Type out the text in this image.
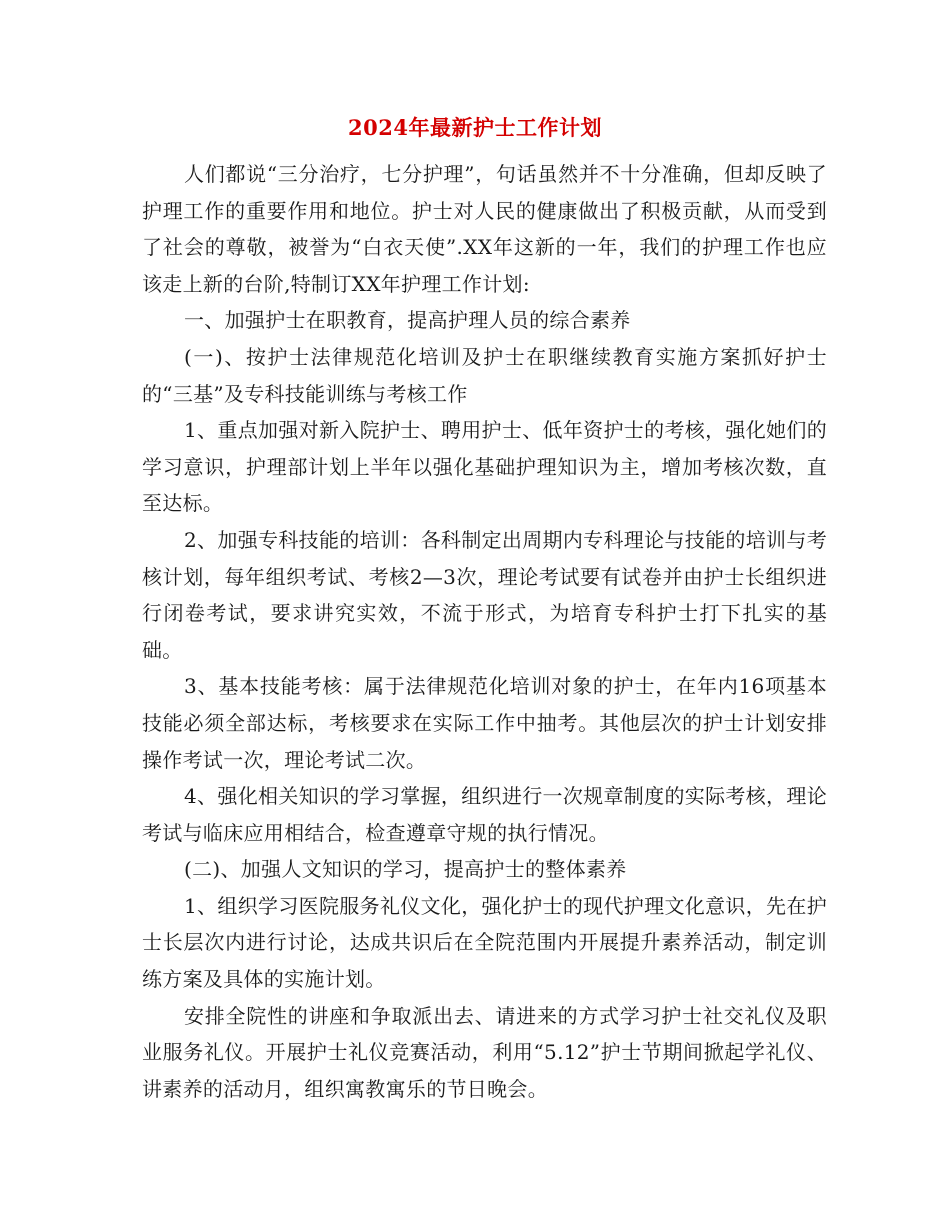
2024年最新护士工作计划

人们都说“三分治疗，七分护理”，句话虽然并不十分准确，但却反映了护理工作的重要作用和地位。护士对人民的健康做出了积极贡献，从而受到了社会的尊敬，被誉为“白衣天使”.XX年这新的一年，我们的护理工作也应该走上新的台阶,特制订XX年护理工作计划:

一、加强护士在职教育，提高护理人员的综合素养

(一)、按护士法律规范化培训及护士在职继续教育实施方案抓好护士的“三基”及专科技能训练与考核工作

1、重点加强对新入院护士、聘用护士、低年资护士的考核，强化她们的学习意识，护理部计划上半年以强化基础护理知识为主，增加考核次数，直至达标。

2、加强专科技能的培训：各科制定出周期内专科理论与技能的培训与考核计划，每年组织考试、考核2—3次，理论考试要有试卷并由护士长组织进行闭卷考试，要求讲究实效，不流于形式，为培育专科护士打下扎实的基础。

3、基本技能考核：属于法律规范化培训对象的护士，在年内16项基本技能必须全部达标，考核要求在实际工作中抽考。其他层次的护士计划安排操作考试一次，理论考试二次。

4、强化相关知识的学习掌握，组织进行一次规章制度的实际考核，理论考试与临床应用相结合，检查遵章守规的执行情况。

(二)、加强人文知识的学习，提高护士的整体素养

1、组织学习医院服务礼仪文化，强化护士的现代护理文化意识，先在护士长层次内进行讨论，达成共识后在全院范围内开展提升素养活动，制定训练方案及具体的实施计划。

安排全院性的讲座和争取派出去、请进来的方式学习护士社交礼仪及职业服务礼仪。开展护士礼仪竞赛活动，利用“5.12”护士节期间掀起学礼仪、讲素养的活动月，组织寓教寓乐的节日晚会。
